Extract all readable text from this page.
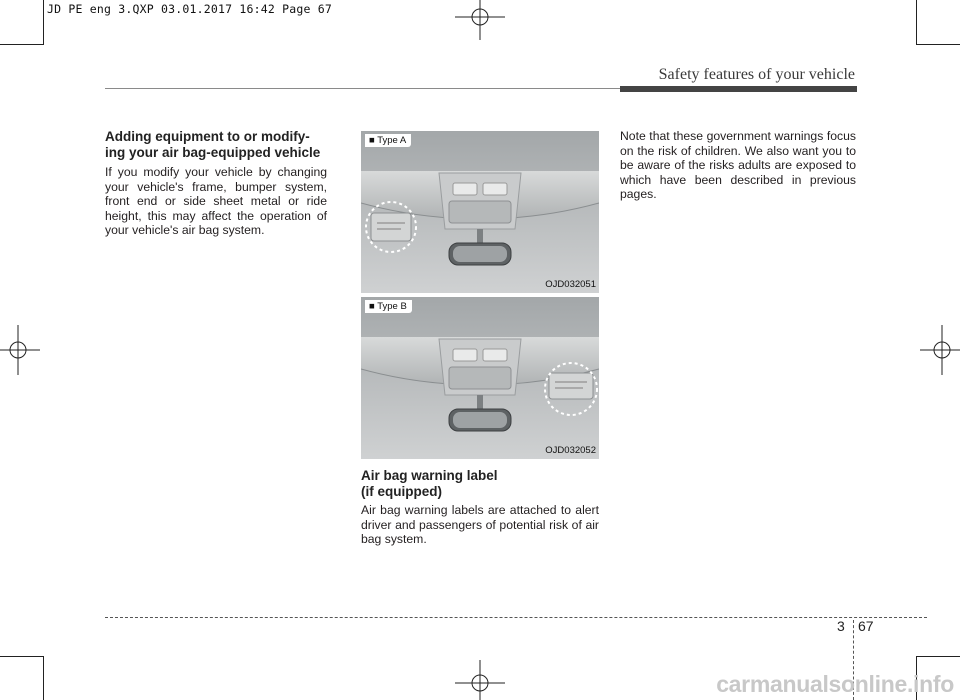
JD PE eng 3.QXP 03.01.2017 16:42 Page 67
Safety features of your vehicle
Adding equipment to or modify-
ing your air bag-equipped vehicle
If you modify your vehicle by changing your vehicle's frame, bumper system, front end or side sheet metal or ride height, this may affect the operation of your vehicle's air bag system.
■ Type A
OJD032051
■ Type B
OJD032052
Air bag warning label
(if equipped)
Air bag warning labels are attached to alert driver and passengers of potential risk of air bag system.
Note that these government warnings focus on the risk of children. We also want you to be aware of the risks adults are exposed to which have been described in previous pages.
3 67
carmanualsonline.info
